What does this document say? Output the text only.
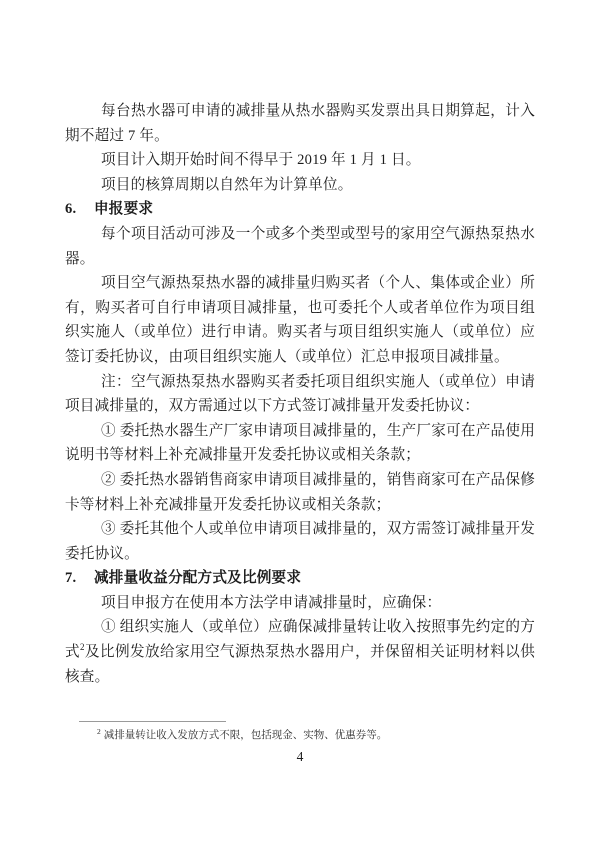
每台热水器可申请的减排量从热水器购买发票出具日期算起，计入期不超过 7 年。

项目计入期开始时间不得早于 2019 年 1 月 1 日。

项目的核算周期以自然年为计算单位。

6. 申报要求

每个项目活动可涉及一个或多个类型或型号的家用空气源热泵热水器。

项目空气源热泵热水器的减排量归购买者（个人、集体或企业）所有，购买者可自行申请项目减排量，也可委托个人或者单位作为项目组织实施人（或单位）进行申请。购买者与项目组织实施人（或单位）应签订委托协议，由项目组织实施人（或单位）汇总申报项目减排量。

注：空气源热泵热水器购买者委托项目组织实施人（或单位）申请项目减排量的，双方需通过以下方式签订减排量开发委托协议：

① 委托热水器生产厂家申请项目减排量的，生产厂家可在产品使用说明书等材料上补充减排量开发委托协议或相关条款；

② 委托热水器销售商家申请项目减排量的，销售商家可在产品保修卡等材料上补充减排量开发委托协议或相关条款；

③ 委托其他个人或单位申请项目减排量的，双方需签订减排量开发委托协议。

7. 减排量收益分配方式及比例要求

项目申报方在使用本方法学申请减排量时，应确保：

① 组织实施人（或单位）应确保减排量转让收入按照事先约定的方式$^2$及比例发放给家用空气源热泵热水器用户，并保留相关证明材料以供核查。

$^2$ 减排量转让收入发放方式不限，包括现金、实物、优惠券等。
4
